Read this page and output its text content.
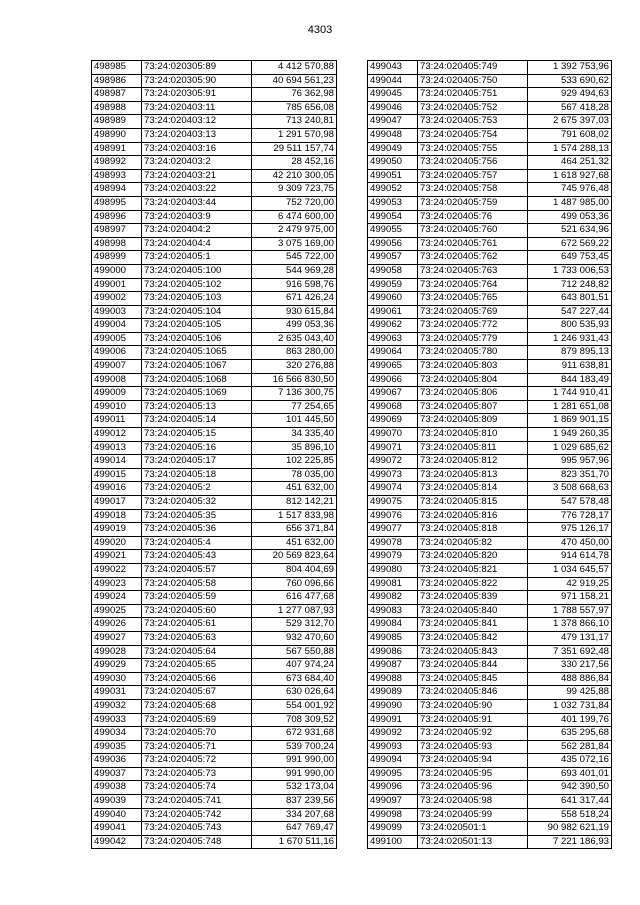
4303
498985	73:24:020305:89	4 412 570,88
498986	73:24:020305:90	40 694 561,23
498987	73:24:020305:91	76 362,98
498988	73:24:020403:11	785 656,08
498989	73:24:020403:12	713 240,81
498990	73:24:020403:13	1 291 570,98
498991	73:24:020403:16	29 511 157,74
498992	73:24:020403:2	28 452,16
498993	73:24:020403:21	42 210 300,05
498994	73:24:020403:22	9 309 723,75
498995	73:24:020403:44	752 720,00
498996	73:24:020403:9	6 474 600,00
498997	73:24:020404:2	2 479 975,00
498998	73:24:020404:4	3 075 169,00
498999	73:24:020405:1	545 722,00
499000	73:24:020405:100	544 969,28
499001	73:24:020405:102	916 598,76
499002	73:24:020405:103	671 426,24
499003	73:24:020405:104	930 615,84
499004	73:24:020405:105	499 053,36
499005	73:24:020405:106	2 635 043,40
499006	73:24:020405:1065	863 280,00
499007	73:24:020405:1067	320 276,88
499008	73:24:020405:1068	16 566 830,50
499009	73:24:020405:1069	7 136 300,75
499010	73:24:020405:13	77 254,65
499011	73:24:020405:14	101 445,50
499012	73:24:020405:15	34 335,40
499013	73:24:020405:16	35 896,10
499014	73:24:020405:17	102 225,85
499015	73:24:020405:18	78 035,00
499016	73:24:020405:2	451 632,00
499017	73:24:020405:32	812 142,21
499018	73:24:020405:35	1 517 833,98
499019	73:24:020405:36	656 371,84
499020	73:24:020405:4	451 632,00
499021	73:24:020405:43	20 569 823,64
499022	73:24:020405:57	804 404,69
499023	73:24:020405:58	760 096,66
499024	73:24:020405:59	616 477,68
499025	73:24:020405:60	1 277 087,93
499026	73:24:020405:61	529 312,70
499027	73:24:020405:63	932 470,60
499028	73:24:020405:64	567 550,88
499029	73:24:020405:65	407 974,24
499030	73:24:020405:66	673 684,40
499031	73:24:020405:67	630 026,64
499032	73:24:020405:68	554 001,92
499033	73:24:020405:69	708 309,52
499034	73:24:020405:70	672 931,68
499035	73:24:020405:71	539 700,24
499036	73:24:020405:72	991 990,00
499037	73:24:020405:73	991 990,00
499038	73:24:020405:74	532 173,04
499039	73:24:020405:741	837 239,56
499040	73:24:020405:742	334 207,68
499041	73:24:020405:743	647 769,47
499042	73:24:020405:748	1 670 511,16
499043	73:24:020405:749	1 392 753,96
499044	73:24:020405:750	533 690,62
499045	73:24:020405:751	929 494,63
499046	73:24:020405:752	567 418,28
499047	73:24:020405:753	2 675 397,03
499048	73:24:020405:754	791 608,02
499049	73:24:020405:755	1 574 288,13
499050	73:24:020405:756	464 251,32
499051	73:24:020405:757	1 618 927,68
499052	73:24:020405:758	745 976,48
499053	73:24:020405:759	1 487 985,00
499054	73:24:020405:76	499 053,36
499055	73:24:020405:760	521 634,96
499056	73:24:020405:761	672 569,22
499057	73:24:020405:762	649 753,45
499058	73:24:020405:763	1 733 006,53
499059	73:24:020405:764	712 248,82
499060	73:24:020405:765	643 801,51
499061	73:24:020405:769	547 227,44
499062	73:24:020405:772	800 535,93
499063	73:24:020405:779	1 246 931,43
499064	73:24:020405:780	879 895,13
499065	73:24:020405:803	911 638,81
499066	73:24:020405:804	844 183,49
499067	73:24:020405:806	1 744 910,41
499068	73:24:020405:807	1 281 651,08
499069	73:24:020405:809	1 869 901,15
499070	73:24:020405:810	1 949 260,35
499071	73:24:020405:811	1 029 685,62
499072	73:24:020405:812	995 957,96
499073	73:24:020405:813	823 351,70
499074	73:24:020405:814	3 508 668,63
499075	73:24:020405:815	547 578,48
499076	73:24:020405:816	776 728,17
499077	73:24:020405:818	975 126,17
499078	73:24:020405:82	470 450,00
499079	73:24:020405:820	914 614,78
499080	73:24:020405:821	1 034 645,57
499081	73:24:020405:822	42 919,25
499082	73:24:020405:839	971 158,21
499083	73:24:020405:840	1 788 557,97
499084	73:24:020405:841	1 378 866,10
499085	73:24:020405:842	479 131,17
499086	73:24:020405:843	7 351 692,48
499087	73:24:020405:844	330 217,56
499088	73:24:020405:845	488 886,84
499089	73:24:020405:846	99 425,88
499090	73:24:020405:90	1 032 731,84
499091	73:24:020405:91	401 199,76
499092	73:24:020405:92	635 295,68
499093	73:24:020405:93	562 281,84
499094	73:24:020405:94	435 072,16
499095	73:24:020405:95	693 401,01
499096	73:24:020405:96	942 390,50
499097	73:24:020405:98	641 317,44
499098	73:24:020405:99	558 518,24
499099	73:24:020501:1	90 982 621,19
499100	73:24:020501:13	7 221 186,93
